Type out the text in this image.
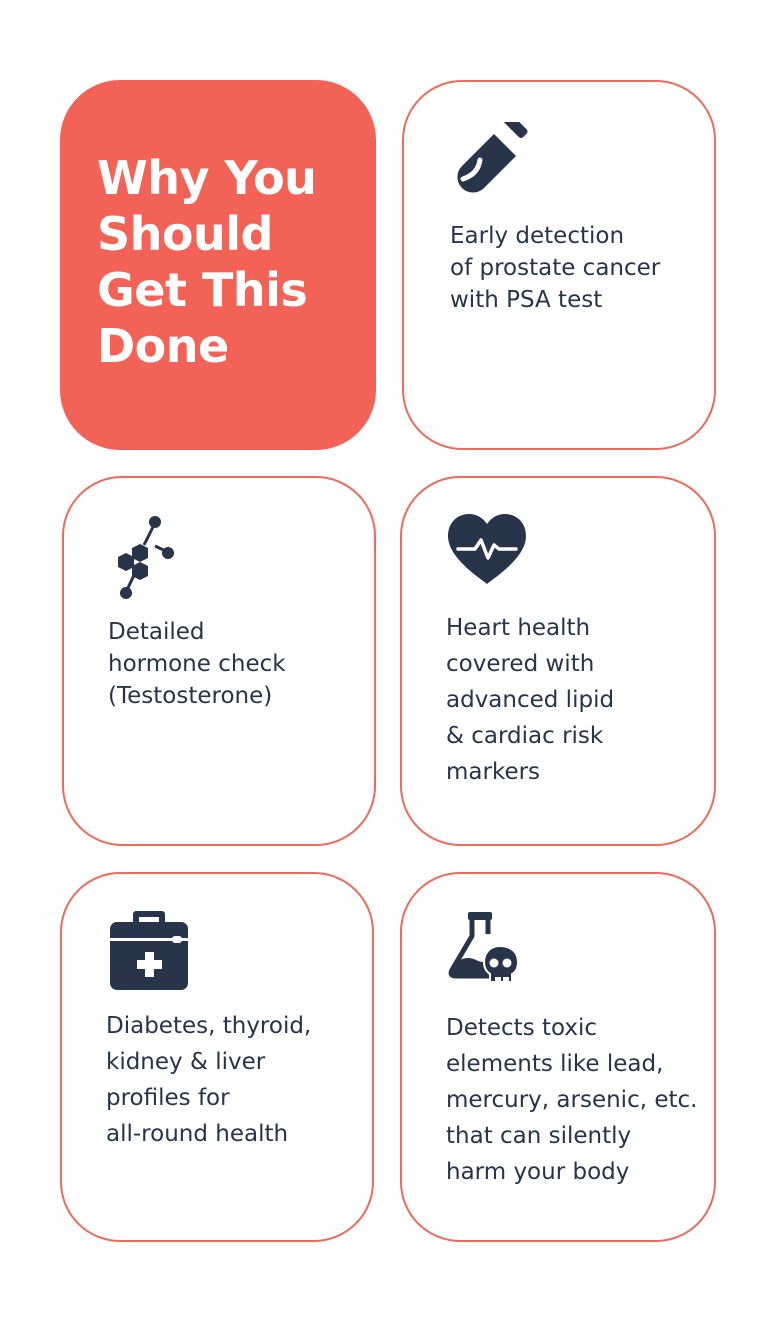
Why You
Should
Get This
Done

Early detection
of prostate cancer
with PSA test

Detailed
hormone check
(Testosterone)

Heart health
covered with
advanced lipid
& cardiac risk
markers

Diabetes, thyroid,
kidney & liver
profiles for
all-round health

Detects toxic
elements like lead,
mercury, arsenic, etc.
that can silently
harm your body
